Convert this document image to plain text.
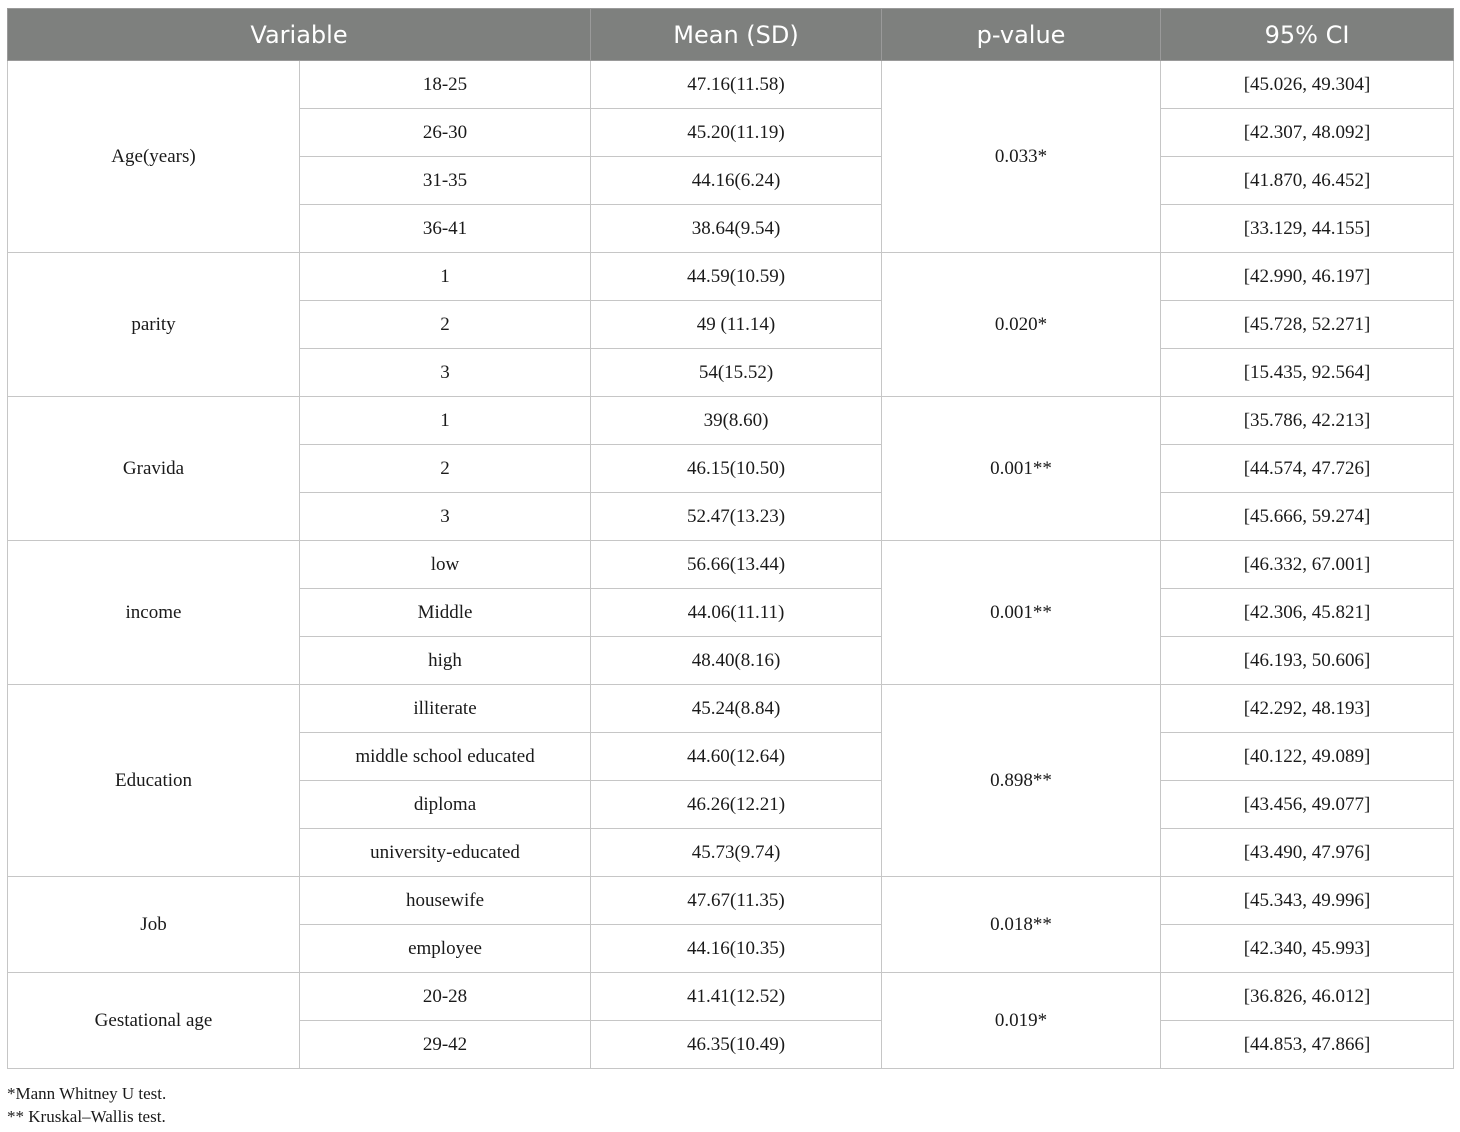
Variable		Mean (SD)	p-value	95% CI
Age(years)	18-25	47.16(11.58)	0.033*	[45.026, 49.304]
	26-30	45.20(11.19)		[42.307, 48.092]
	31-35	44.16(6.24)		[41.870, 46.452]
	36-41	38.64(9.54)		[33.129, 44.155]
parity	1	44.59(10.59)	0.020*	[42.990, 46.197]
	2	49 (11.14)		[45.728, 52.271]
	3	54(15.52)		[15.435, 92.564]
Gravida	1	39(8.60)	0.001**	[35.786, 42.213]
	2	46.15(10.50)		[44.574, 47.726]
	3	52.47(13.23)		[45.666, 59.274]
income	low	56.66(13.44)	0.001**	[46.332, 67.001]
	Middle	44.06(11.11)		[42.306, 45.821]
	high	48.40(8.16)		[46.193, 50.606]
Education	illiterate	45.24(8.84)	0.898**	[42.292, 48.193]
	middle school educated	44.60(12.64)		[40.122, 49.089]
	diploma	46.26(12.21)		[43.456, 49.077]
	university-educated	45.73(9.74)		[43.490, 47.976]
Job	housewife	47.67(11.35)	0.018**	[45.343, 49.996]
	employee	44.16(10.35)		[42.340, 45.993]
Gestational age	20-28	41.41(12.52)	0.019*	[36.826, 46.012]
	29-42	46.35(10.49)		[44.853, 47.866]
*Mann Whitney U test.
** Kruskal–Wallis test.
